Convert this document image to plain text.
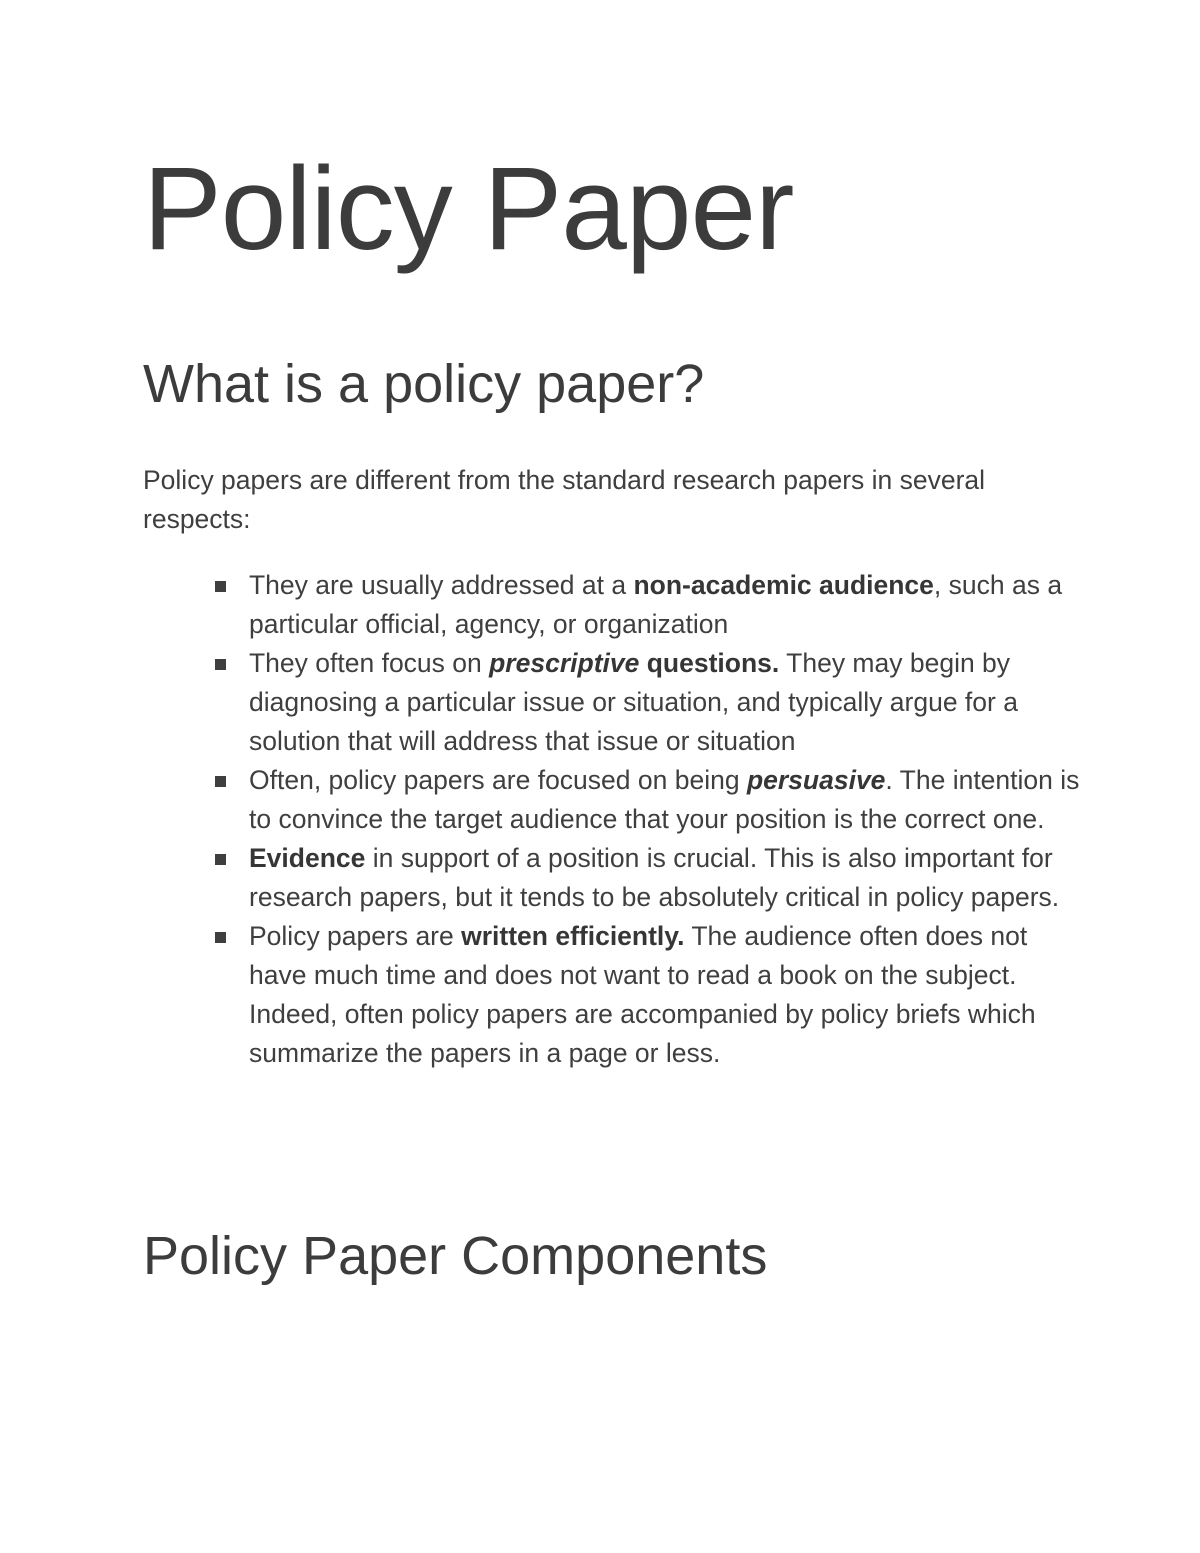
Policy Paper
What is a policy paper?

Policy papers are different from the standard research papers in several respects:

They are usually addressed at a non-academic audience, such as a particular official, agency, or organization
They often focus on prescriptive questions. They may begin by diagnosing a particular issue or situation, and typically argue for a solution that will address that issue or situation
Often, policy papers are focused on being persuasive. The intention is to convince the target audience that your position is the correct one.
Evidence in support of a position is crucial. This is also important for research papers, but it tends to be absolutely critical in policy papers.
Policy papers are written efficiently. The audience often does not have much time and does not want to read a book on the subject. Indeed, often policy papers are accompanied by policy briefs which summarize the papers in a page or less.
Policy Paper Components
